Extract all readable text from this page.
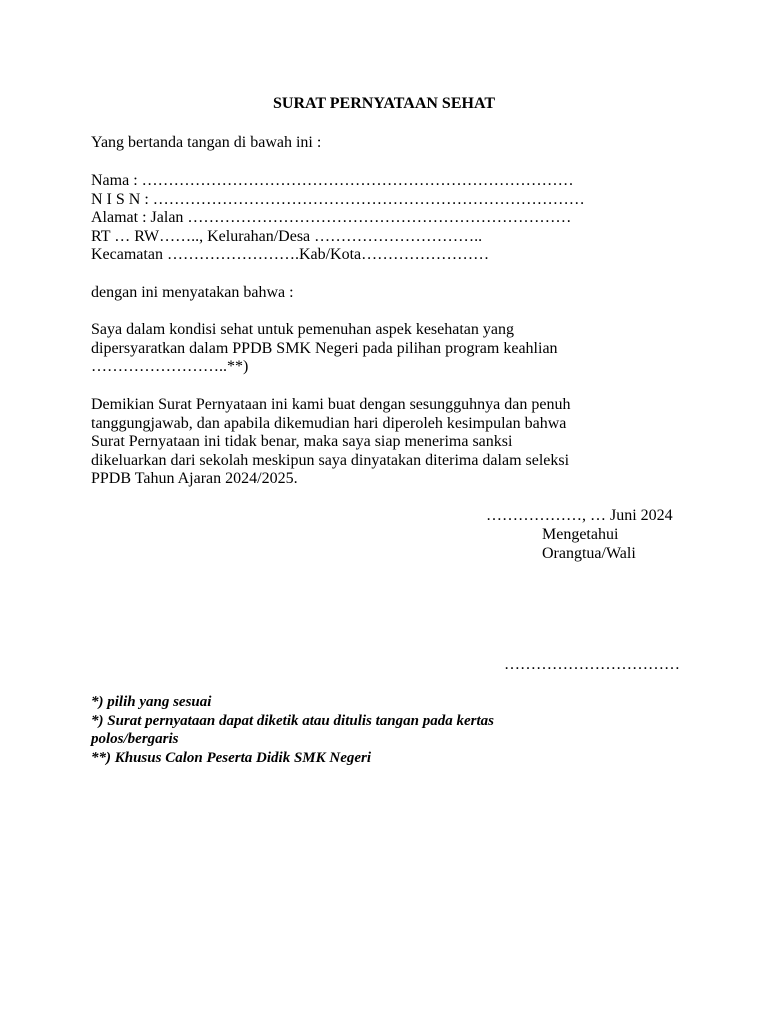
SURAT PERNYATAAN SEHAT
Yang bertanda tangan di bawah ini :
Nama : ………………………………………………………………………
N I S N : ………………………………………………………………………
Alamat : Jalan ………………………………………………………………
RT … RW…….., Kelurahan/Desa …………………………..
Kecamatan …………………….Kab/Kota……………………
dengan ini menyatakan bahwa :
Saya dalam kondisi sehat untuk pemenuhan aspek kesehatan yang
dipersyaratkan dalam PPDB SMK Negeri pada pilihan program keahlian
……………………..**)
Demikian Surat Pernyataan ini kami buat dengan sesungguhnya dan penuh
tanggungjawab, dan apabila dikemudian hari diperoleh kesimpulan bahwa
Surat Pernyataan ini tidak benar, maka saya siap menerima sanksi
dikeluarkan dari sekolah meskipun saya dinyatakan diterima dalam seleksi
PPDB Tahun Ajaran 2024/2025.
………………, … Juni 2024
Mengetahui
Orangtua/Wali
……………………………
*) pilih yang sesuai
*) Surat pernyataan dapat diketik atau ditulis tangan pada kertas
polos/bergaris
**) Khusus Calon Peserta Didik SMK Negeri
